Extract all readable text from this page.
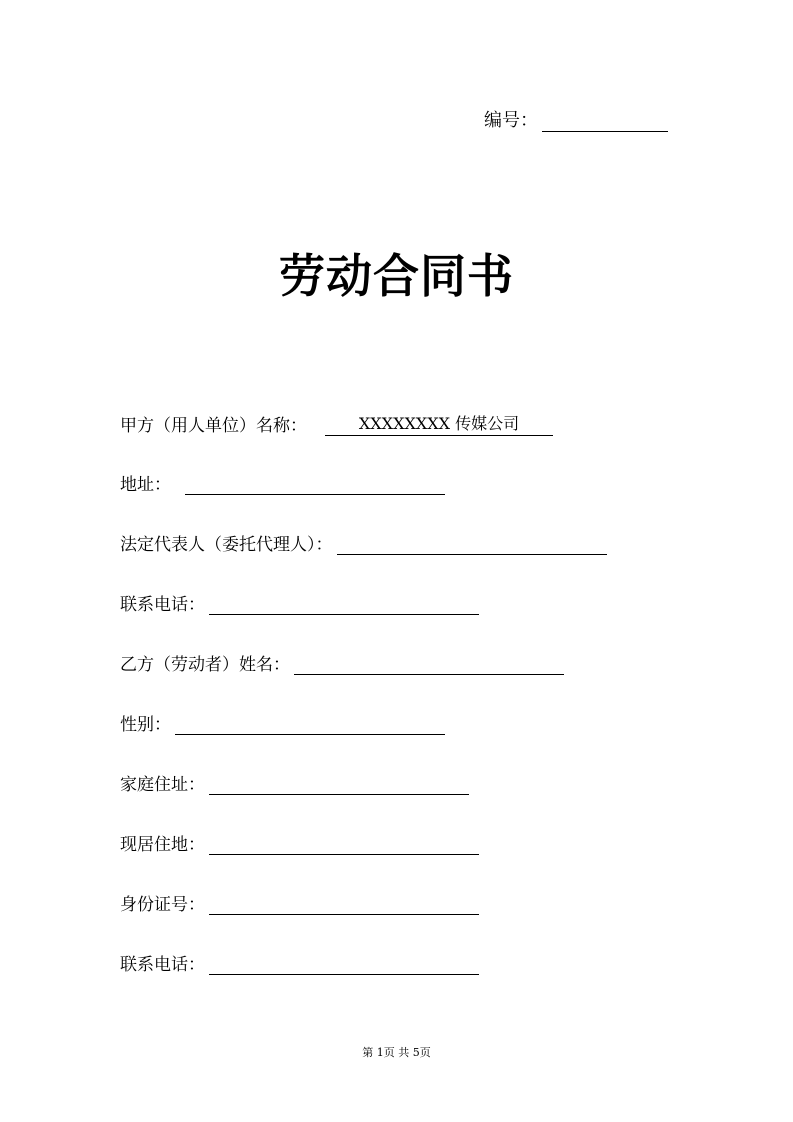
编号：
劳动合同书
甲方（用人单位）名称：	XXXXXXXX 传媒公司
地址：
法定代表人（委托代理人）：
联系电话：
乙方（劳动者）姓名：
性别：
家庭住址：
现居住地：
身份证号：
联系电话：
第 1页 共 5页
